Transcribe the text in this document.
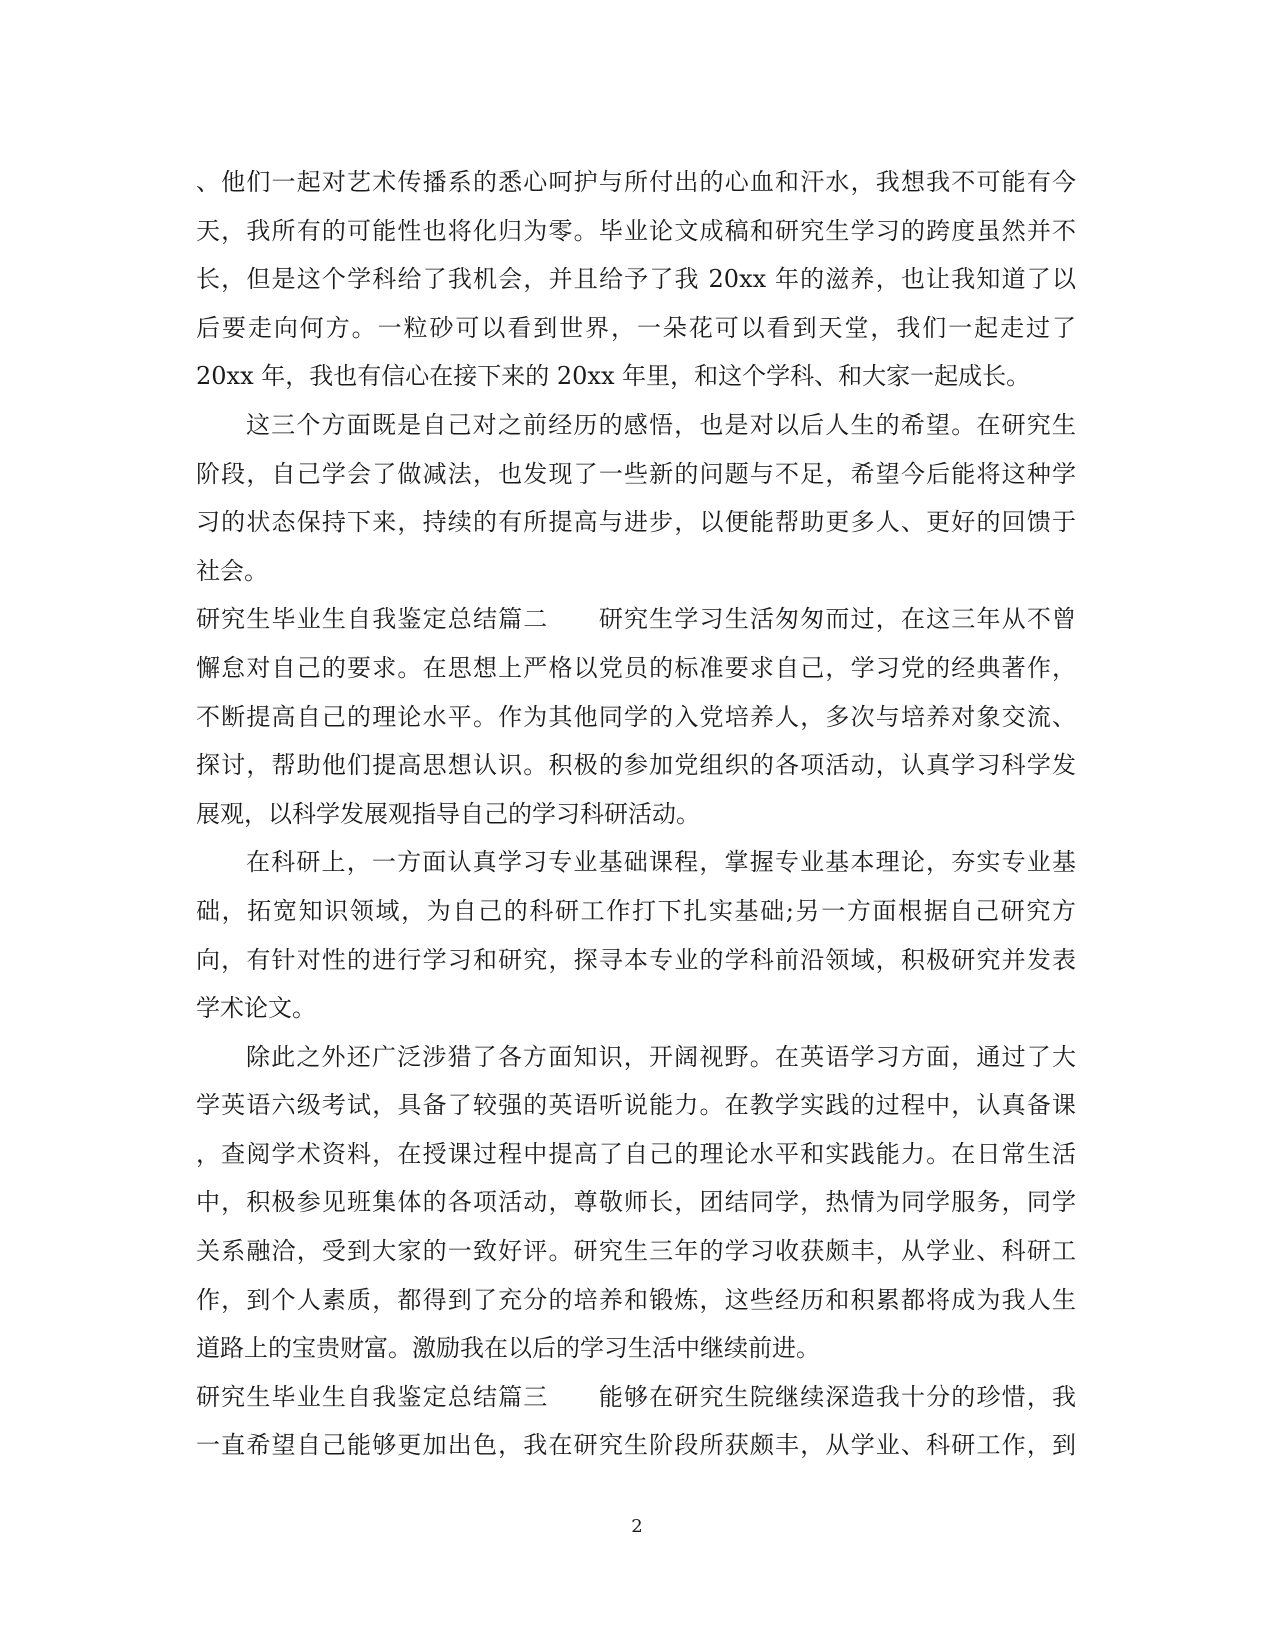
、他们一起对艺术传播系的悉心呵护与所付出的心血和汗水，我想我不可能有今
天，我所有的可能性也将化归为零。毕业论文成稿和研究生学习的跨度虽然并不
长，但是这个学科给了我机会，并且给予了我 20xx 年的滋养，也让我知道了以
后要走向何方。一粒砂可以看到世界，一朵花可以看到天堂，我们一起走过了
20xx 年，我也有信心在接下来的 20xx 年里，和这个学科、和大家一起成长。
这三个方面既是自己对之前经历的感悟，也是对以后人生的希望。在研究生
阶段，自己学会了做减法，也发现了一些新的问题与不足，希望今后能将这种学
习的状态保持下来，持续的有所提高与进步，以便能帮助更多人、更好的回馈于
社会。
研究生毕业生自我鉴定总结篇二　　研究生学习生活匆匆而过，在这三年从不曾
懈怠对自己的要求。在思想上严格以党员的标准要求自己，学习党的经典著作，
不断提高自己的理论水平。作为其他同学的入党培养人，多次与培养对象交流、
探讨，帮助他们提高思想认识。积极的参加党组织的各项活动，认真学习科学发
展观，以科学发展观指导自己的学习科研活动。
在科研上，一方面认真学习专业基础课程，掌握专业基本理论，夯实专业基
础，拓宽知识领域，为自己的科研工作打下扎实基础;另一方面根据自己研究方
向，有针对性的进行学习和研究，探寻本专业的学科前沿领域，积极研究并发表
学术论文。
除此之外还广泛涉猎了各方面知识，开阔视野。在英语学习方面，通过了大
学英语六级考试，具备了较强的英语听说能力。在教学实践的过程中，认真备课
，查阅学术资料，在授课过程中提高了自己的理论水平和实践能力。在日常生活
中，积极参见班集体的各项活动，尊敬师长，团结同学，热情为同学服务，同学
关系融洽，受到大家的一致好评。研究生三年的学习收获颇丰，从学业、科研工
作，到个人素质，都得到了充分的培养和锻炼，这些经历和积累都将成为我人生
道路上的宝贵财富。激励我在以后的学习生活中继续前进。
研究生毕业生自我鉴定总结篇三　　能够在研究生院继续深造我十分的珍惜，我
一直希望自己能够更加出色，我在研究生阶段所获颇丰，从学业、科研工作，到
2
